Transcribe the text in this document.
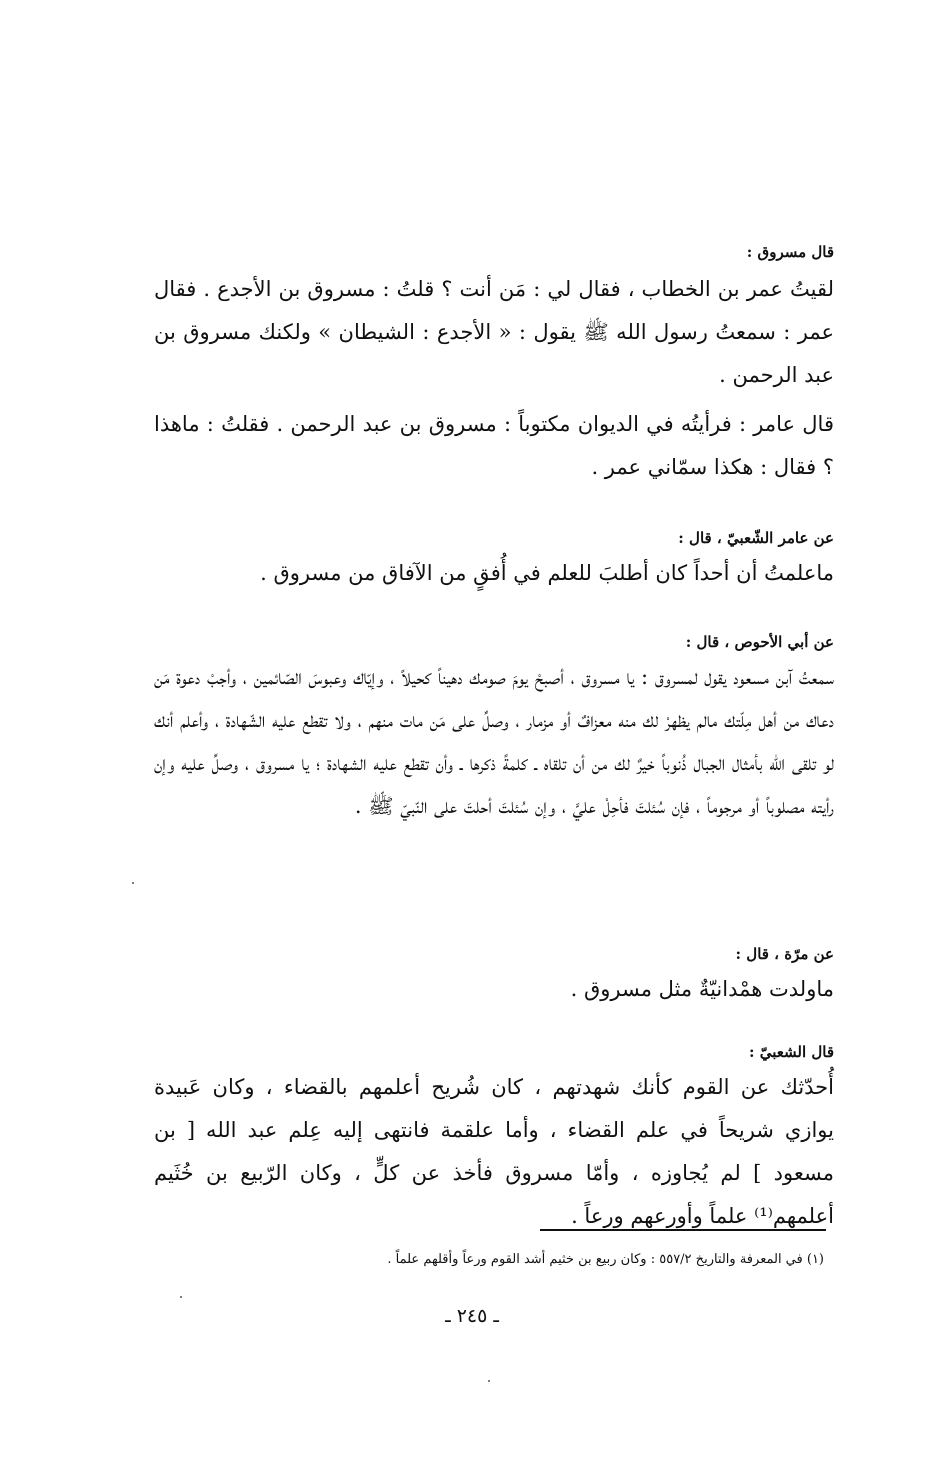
قال مسروق :
لقيتُ عمر بن الخطاب ، فقال لي : مَن أنت ؟ قلتُ : مسروق بن الأجدع . فقال عمر : سمعتُ رسول الله ﷺ يقول : « الأجدع : الشيطان » ولكنك مسروق بن عبد الرحمن .
قال عامر : فرأيتُه في الديوان مكتوباً : مسروق بن عبد الرحمن . فقلتُ : ماهذا ؟ فقال : هكذا سمّاني عمر .
عن عامر الشّعبيّ ، قال :
ماعلمتُ أن أحداً كان أطلبَ للعلم في أُفقٍ من الآفاق من مسروق .
عن أبي الأحوص ، قال :
سمعتُ آبن مسعود يقول لمسروق : يا مسروق ، أصبحْ يومَ صومك دهيناً كحيلاً ، وإيّاك وعبوسَ الصّائمين ، وأجبْ دعوة مَن دعاك من أهل مِلّتك مالم يظهرْ لك منه معزافٌ أو مزمار ، وصلِّ على مَن مات منهم ، ولا تقطع عليه الشّهادة ، وأعلم أنك لو تلقى الله بأمثال الجبال ذُنوباً خيرٌ لك من أن تلقاه ـ كلمةً ذكرها ـ وأن تقطع عليه الشهادة ؛ يا مسروق ، وصلِّ عليه وإن رأيته مصلوباً أو مرجوماً ، فإن سُئلتَ فأحِلْ عليَّ ، وإن سُئلتَ أحلتَ على النّبيّ ﷺ .
عن مرّة ، قال :
ماولدت همْدانيّةٌ مثل مسروق .
قال الشعبيّ :
أُحدّثك عن القوم كأنك شهدتهم ، كان شُريح أعلمهم بالقضاء ، وكان عَبيدة يوازي شريحاً في علم القضاء ، وأما علقمة فانتهى إليه عِلم عبد الله [ بن مسعود ] لم يُجاوزه ، وأمّا مسروق فأخذ عن كلٍّ ، وكان الرّبيع بن خُثَيم أعلمهم⁽¹⁾ علماً وأورعهم ورعاً .
(١) في المعرفة والتاريخ ٥٥٧/٢ : وكان ربيع بن خثيم أشد القوم ورعاً وأقلهم علماً .
ـ ٢٤٥ ـ
